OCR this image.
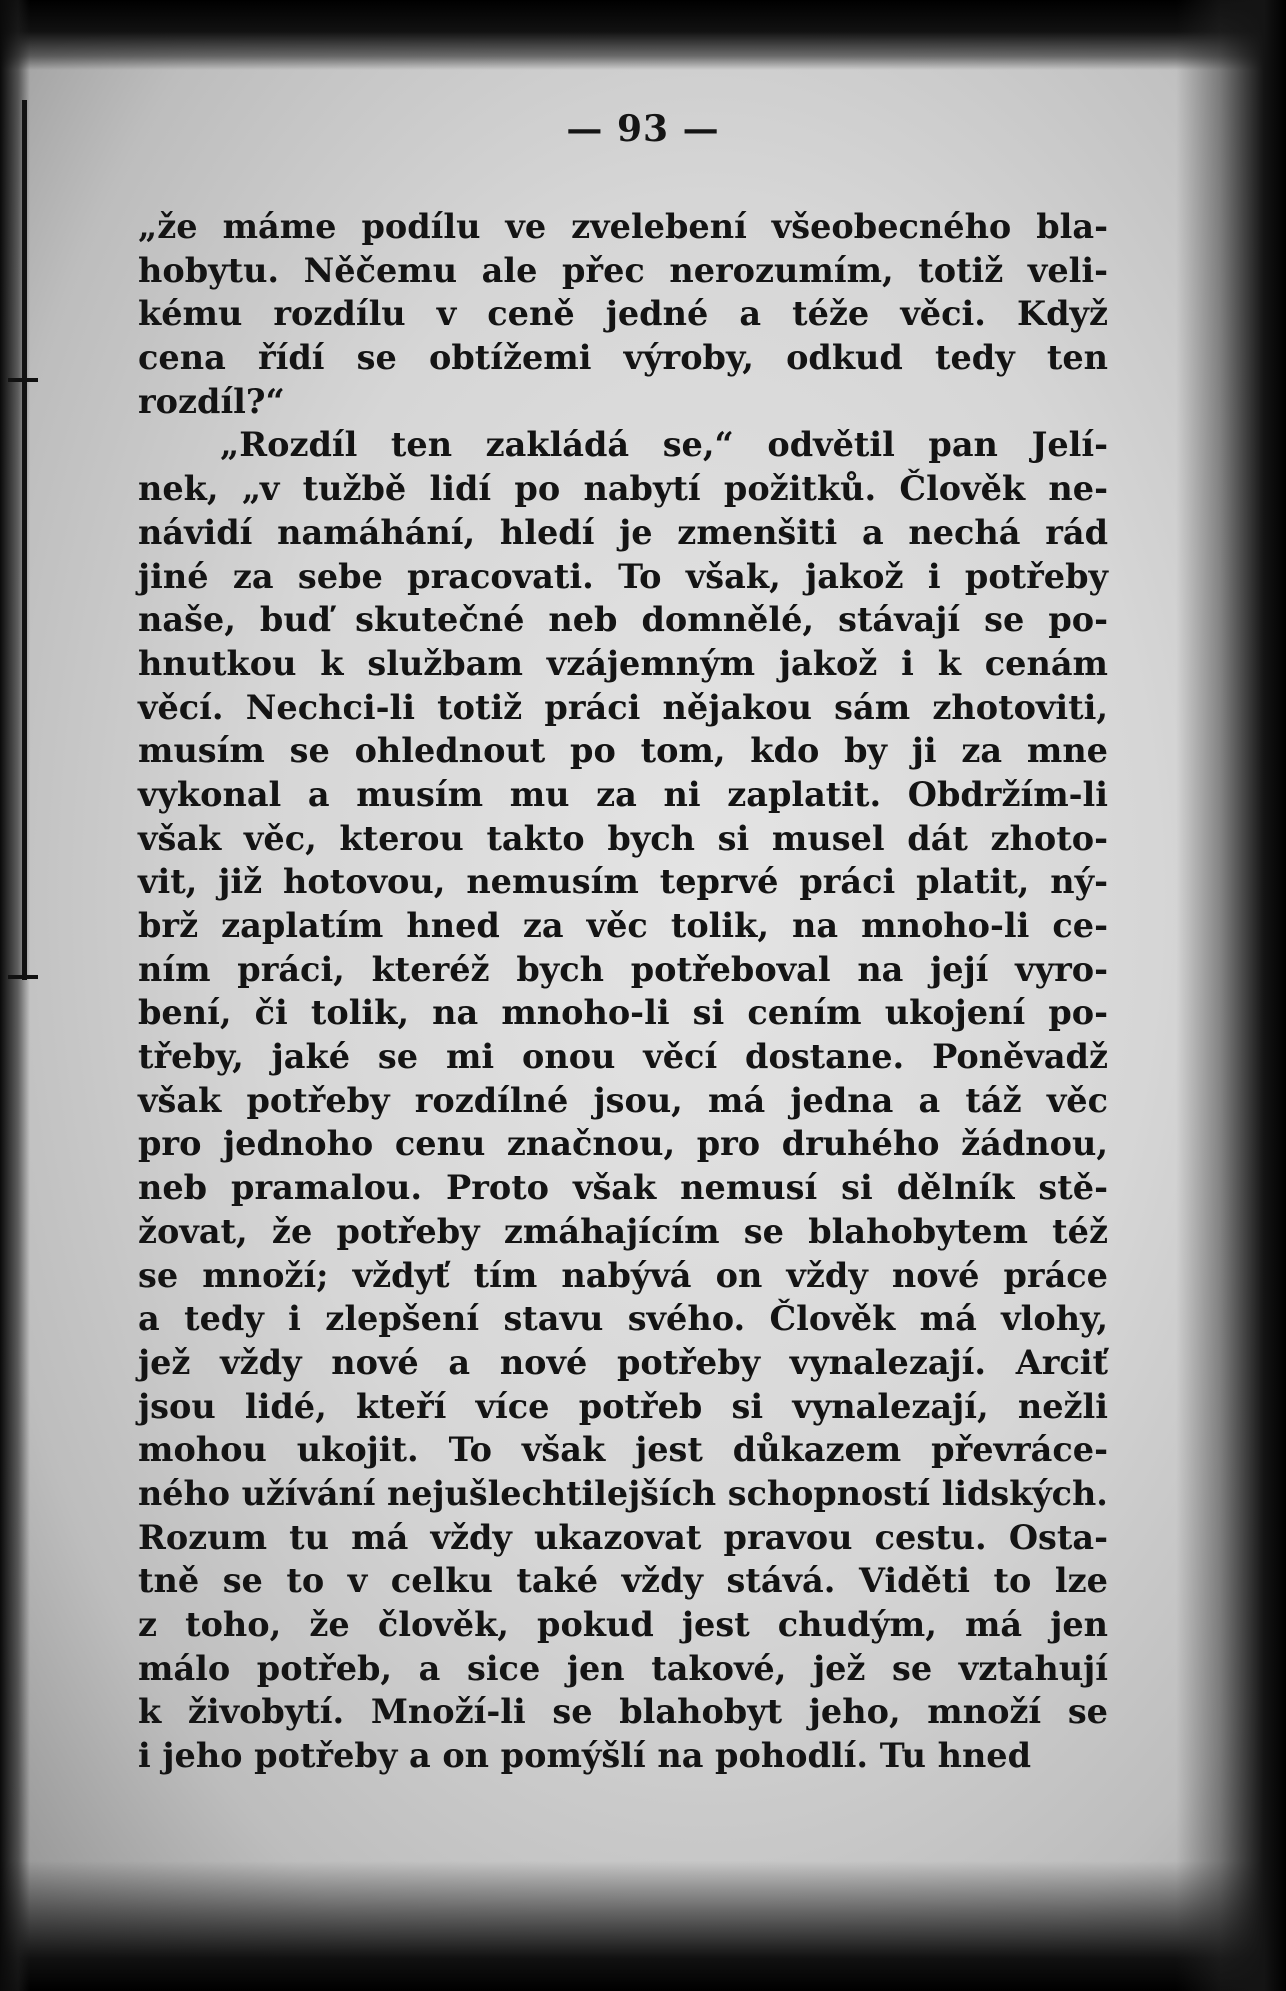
— 93 —
„že máme podílu ve zvelebení všeobecného bla-
hobytu. Něčemu ale přec nerozumím, totiž veli-
kému rozdílu v ceně jedné a téže věci. Když
cena řídí se obtížemi výroby, odkud tedy ten
rozdíl?“
„Rozdíl ten zakládá se,“ odvětil pan Jelí-
nek, „v tužbě lidí po nabytí požitků. Člověk ne-
návidí namáhání, hledí je zmenšiti a nechá rád
jiné za sebe pracovati. To však, jakož i potřeby
naše, buď skutečné neb domnělé, stávají se po-
hnutkou k službam vzájemným jakož i k cenám
věcí. Nechci-li totiž práci nějakou sám zhotoviti,
musím se ohlednout po tom, kdo by ji za mne
vykonal a musím mu za ni zaplatit. Obdržím-li
však věc, kterou takto bych si musel dát zhoto-
vit, již hotovou, nemusím teprvé práci platit, ný-
brž zaplatím hned za věc tolik, na mnoho-li ce-
ním práci, kteréž bych potřeboval na její vyro-
bení, či tolik, na mnoho-li si cením ukojení po-
třeby, jaké se mi onou věcí dostane. Poněvadž
však potřeby rozdílné jsou, má jedna a táž věc
pro jednoho cenu značnou, pro druhého žádnou,
neb pramalou. Proto však nemusí si dělník stě-
žovat, že potřeby zmáhajícím se blahobytem též
se množí; vždyť tím nabývá on vždy nové práce
a tedy i zlepšení stavu svého. Člověk má vlohy,
jež vždy nové a nové potřeby vynalezají. Arciť
jsou lidé, kteří více potřeb si vynalezají, nežli
mohou ukojit. To však jest důkazem převráce-
ného užívání nejušlechtilejších schopností lidských.
Rozum tu má vždy ukazovat pravou cestu. Osta-
tně se to v celku také vždy stává. Viděti to lze
z toho, že člověk, pokud jest chudým, má jen
málo potřeb, a sice jen takové, jež se vztahují
k živobytí. Množí-li se blahobyt jeho, množí se
i jeho potřeby a on pomýšlí na pohodlí. Tu hned
